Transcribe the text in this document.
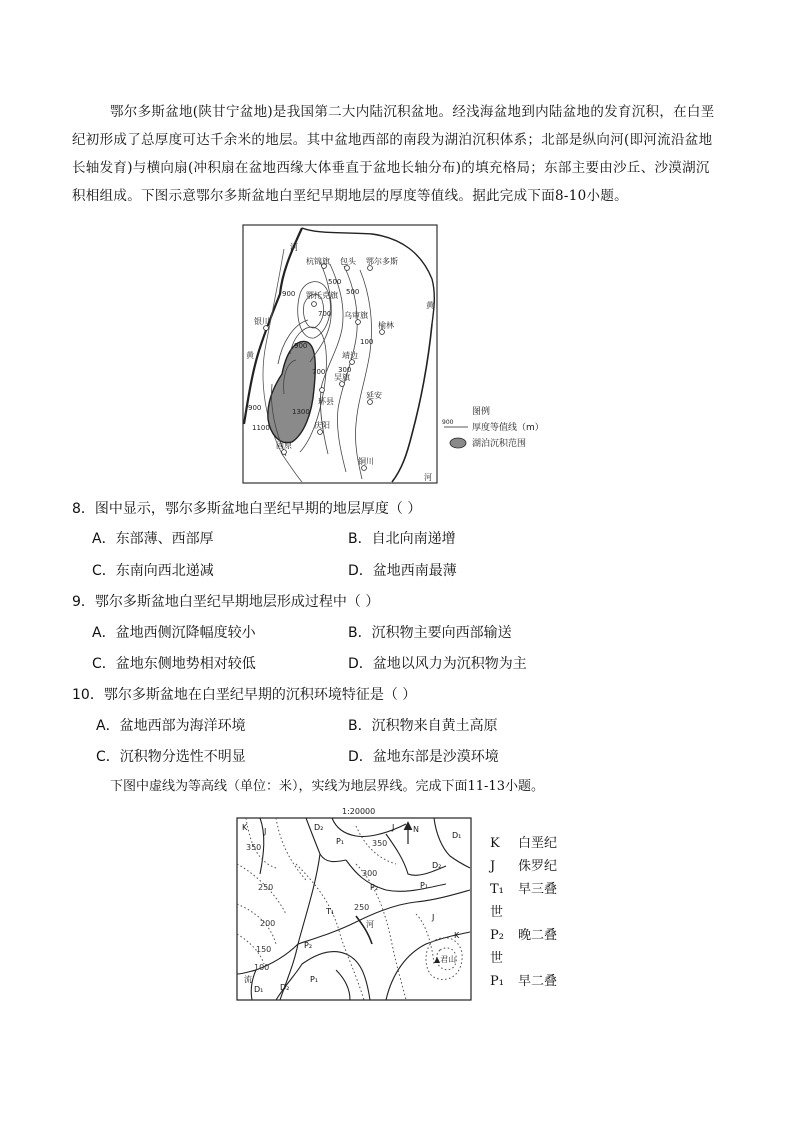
鄂尔多斯盆地(陕甘宁盆地)是我国第二大内陆沉积盆地。经浅海盆地到内陆盆地的发育沉积，在白垩
纪初形成了总厚度可达千余米的地层。其中盆地西部的南段为湖泊沉积体系；北部是纵向河(即河流沿盆地
长轴发育)与横向扇(冲积扇在盆地西缘大体垂直于盆地长轴分布)的填充格局；东部主要由沙丘、沙漠湖沉
积相组成。下图示意鄂尔多斯盆地白垩纪早期地层的厚度等值线。据此完成下面8-10小题。
包头
杭锦旗	鄂尔多斯
鄂托克旗
乌审旗
榆林
银川
靖边
吴旗
延安
环县
庆阳
固原
铜川
河
黄
黄
河
900
900
700
500
500
300
100
700
900
1100
1300	图例
900
厚度等值线（m）
湖泊沉积范围
8．图中显示，鄂尔多斯盆地白垩纪早期的地层厚度（ ）
A．东部薄、西部厚	B．自北向南递增
C．东南向西北递减	D．盆地西南最薄
9．鄂尔多斯盆地白垩纪早期地层形成过程中（ ）
A．盆地西侧沉降幅度较小	B．沉积物主要向西部输送
C．盆地东侧地势相对较低	D．盆地以风力为沉积物为主
10．鄂尔多斯盆地在白垩纪早期的沉积环境特征是（ ）
A．盆地西部为海洋环境	B．沉积物来自黄土高原
C．沉积物分选性不明显	D．盆地东部是沙漠环境
下图中虚线为等高线（单位：米），实线为地层界线。完成下面11-13小题。
1:20000
N
河
流
▲君山
350	350
300
250
250
200
150
100
K J	D₂
P₁
J
D₁
D₂
P₂	P₁
T₁
P₂
J
K
D₁ D₂
P₁
K 白垩纪
J 侏罗纪
T₁ 早三叠
世
P₂ 晚二叠
世
P₁ 早二叠
